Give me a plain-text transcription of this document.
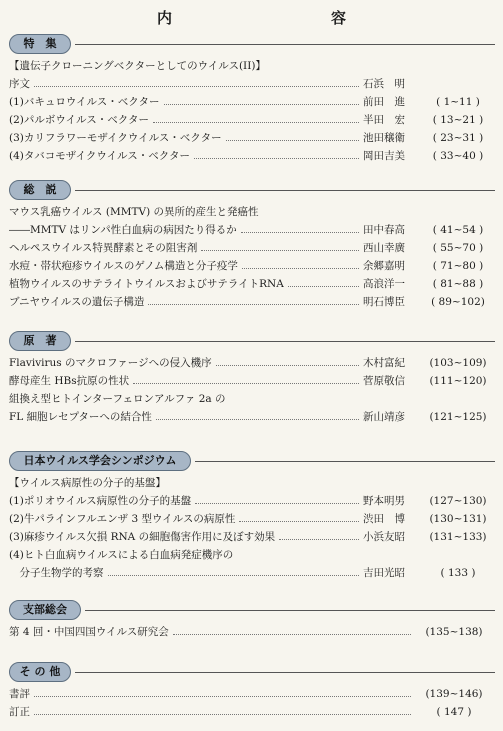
内　容
特　集
【遺伝子クローニングベクターとしてのウイルス(II)】
序文	石浜　明
(1)バキュロウイルス・ベクター	前田　進	( 1~11 )
(2)パルボウイルス・ベクター	半田　宏	( 13~21 )
(3)カリフラワーモザイクウイルス・ベクター	池田穣衛	( 23~31 )
(4)タバコモザイクウイルス・ベクター	岡田吉美	( 33~40 )
総　説
マウス乳癌ウイルス (MMTV) の異所的産生と発癌性
――MMTV はリンパ性白血病の病因たり得るか	田中春高	( 41~54 )
ヘルペスウイルス特異酵素とその阻害剤	西山幸廣	( 55~70 )
水痘・帯状疱疹ウイルスのゲノム構造と分子疫学	余郷嘉明	( 71~80 )
植物ウイルスのサテライトウイルスおよびサテライトRNA	高浪洋一	( 81~88 )
ブニヤウイルスの遺伝子構造	明石博臣	( 89~102)
原　著
Flavivirus のマクロファージへの侵入機序	木村富紀	(103~109)
酵母産生 HBs抗原の性状	菅原敬信	(111~120)
組換え型ヒトインターフェロンアルファ 2a の
FL 細胞レセプターへの結合性	新山靖彦	(121~125)
日本ウイルス学会シンポジウム
【ウイルス病原性の分子的基盤】
(1)ポリオウイルス病原性の分子的基盤	野本明男	(127~130)
(2)牛パラインフルエンザ 3 型ウイルスの病原性	渋田　博	(130~131)
(3)麻疹ウイルス欠損 RNA の細胞傷害作用に及ぼす効果	小浜友昭	(131~133)
(4)ヒト白血病ウイルスによる白血病発症機序の
　分子生物学的考察	吉田光昭	( 133 )
支部総会
第 4 回・中国四国ウイルス研究会	(135~138)
そ の 他
書評	(139~146)
訂正	( 147 )
